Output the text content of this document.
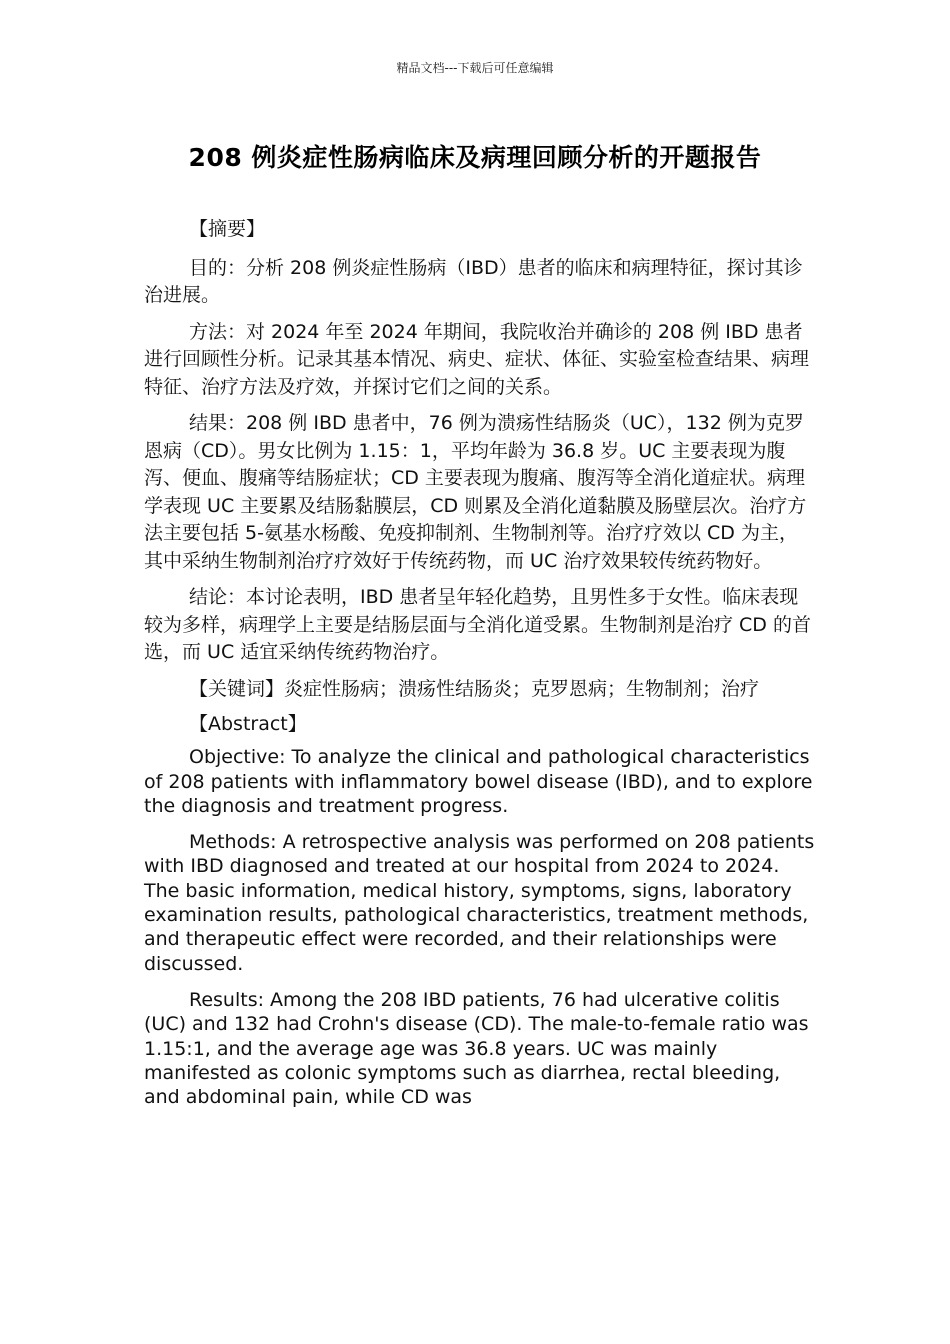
精品文档---下载后可任意编辑
208 例炎症性肠病临床及病理回顾分析的开题报告

【摘要】

目的：分析 208 例炎症性肠病（IBD）患者的临床和病理特征，探讨其诊治进展。

方法：对 2024 年至 2024 年期间，我院收治并确诊的 208 例 IBD 患者进行回顾性分析。记录其基本情况、病史、症状、体征、实验室检查结果、病理特征、治疗方法及疗效，并探讨它们之间的关系。

结果：208 例 IBD 患者中，76 例为溃疡性结肠炎（UC），132 例为克罗恩病（CD）。男女比例为 1.15：1，平均年龄为 36.8 岁。UC 主要表现为腹泻、便血、腹痛等结肠症状；CD 主要表现为腹痛、腹泻等全消化道症状。病理学表现 UC 主要累及结肠黏膜层，CD 则累及全消化道黏膜及肠壁层次。治疗方法主要包括 5-氨基水杨酸、免疫抑制剂、生物制剂等。治疗疗效以 CD 为主，其中采纳生物制剂治疗疗效好于传统药物，而 UC 治疗效果较传统药物好。

结论：本讨论表明，IBD 患者呈年轻化趋势，且男性多于女性。临床表现较为多样，病理学上主要是结肠层面与全消化道受累。生物制剂是治疗 CD 的首选，而 UC 适宜采纳传统药物治疗。

【关键词】炎症性肠病；溃疡性结肠炎；克罗恩病；生物制剂；治疗

【Abstract】

Objective: To analyze the clinical and pathological characteristics of 208 patients with inflammatory bowel disease (IBD), and to explore the diagnosis and treatment progress.

Methods: A retrospective analysis was performed on 208 patients with IBD diagnosed and treated at our hospital from 2024 to 2024. The basic information, medical history, symptoms, signs, laboratory examination results, pathological characteristics, treatment methods, and therapeutic effect were recorded, and their relationships were discussed.

Results: Among the 208 IBD patients, 76 had ulcerative colitis (UC) and 132 had Crohn's disease (CD). The male-to-female ratio was 1.15:1, and the average age was 36.8 years. UC was mainly manifested as colonic symptoms such as diarrhea, rectal bleeding, and abdominal pain, while CD was
